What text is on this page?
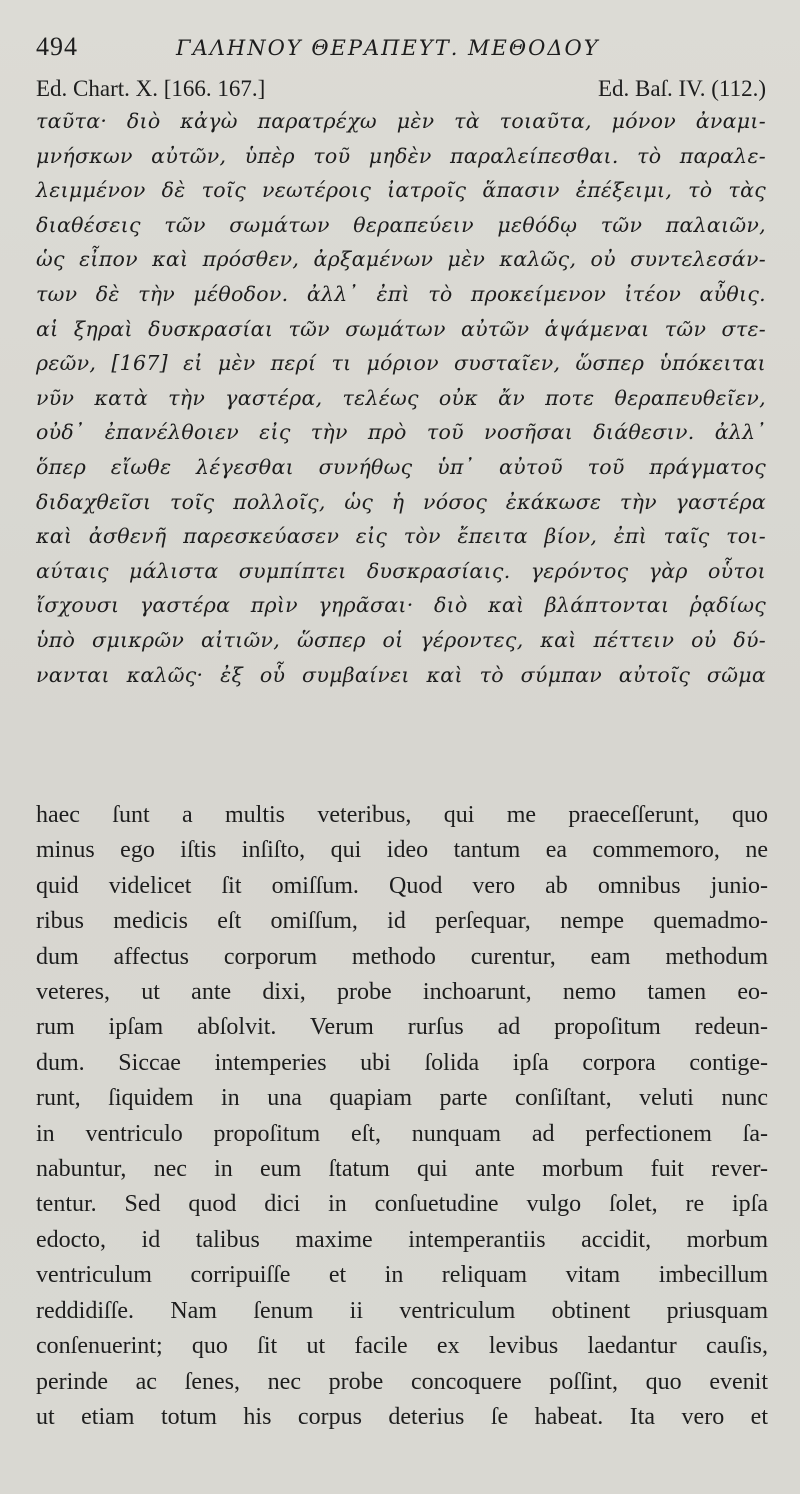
494	ΓΑΛΗΝΟΥ ΘΕΡΑΠΕΥΤ. ΜΕΘΟΔΟΥ
Ed. Chart. X. [166. 167.]	Ed. Baſ. IV. (112.)
ταῦτα· διὸ κἀγὼ παρατρέχω μὲν τὰ τοιαῦτα, μόνον ἀναμι-
μνήσκων αὐτῶν, ὑπὲρ τοῦ μηδὲν παραλείπεσθαι. τὸ παραλε-
λειμμένον δὲ τοῖς νεωτέροις ἰατροῖς ἅπασιν ἐπέξειμι, τὸ τὰς
διαθέσεις τῶν σωμάτων θεραπεύειν μεθόδῳ τῶν παλαιῶν,
ὡς εἶπον καὶ πρόσθεν, ἀρξαμένων μὲν καλῶς, οὐ συντελεσάν-
των δὲ τὴν μέθοδον. ἀλλ᾽ ἐπὶ τὸ προκείμενον ἰτέον αὖθις.
αἱ ξηραὶ δυσκρασίαι τῶν σωμάτων αὐτῶν ἁψάμεναι τῶν στε-
ρεῶν, [167] εἰ μὲν περί τι μόριον συσταῖεν, ὥσπερ ὑπόκειται
νῦν κατὰ τὴν γαστέρα, τελέως οὐκ ἄν ποτε θεραπευθεῖεν,
οὐδ᾽ ἐπανέλθοιεν εἰς τὴν πρὸ τοῦ νοσῆσαι διάθεσιν. ἀλλ᾽
ὅπερ εἴωθε λέγεσθαι συνήθως ὑπ᾽ αὐτοῦ τοῦ πράγματος
διδαχθεῖσι τοῖς πολλοῖς, ὡς ἡ νόσος ἐκάκωσε τὴν γαστέρα
καὶ ἀσθενῆ παρεσκεύασεν εἰς τὸν ἔπειτα βίον, ἐπὶ ταῖς τοι-
αύταις μάλιστα συμπίπτει δυσκρασίαις. γερόντος γὰρ οὗτοι
ἴσχουσι γαστέρα πρὶν γηρᾶσαι· διὸ καὶ βλάπτονται ῥᾳδίως
ὑπὸ σμικρῶν αἰτιῶν, ὥσπερ οἱ γέροντες, καὶ πέττειν οὐ δύ-
νανται καλῶς· ἐξ οὗ συμβαίνει καὶ τὸ σύμπαν αὐτοῖς σῶμα
haec ſunt a multis veteribus, qui me praeceſſerunt, quo
minus ego iſtis inſiſto, qui ideo tantum ea commemoro, ne
quid videlicet ſit omiſſum. Quod vero ab omnibus junio-
ribus medicis eſt omiſſum, id perſequar, nempe quemadmo-
dum affectus corporum methodo curentur, eam methodum
veteres, ut ante dixi, probe inchoarunt, nemo tamen eo-
rum ipſam abſolvit. Verum rurſus ad propoſitum redeun-
dum. Siccae intemperies ubi ſolida ipſa corpora contige-
runt, ſiquidem in una quapiam parte conſiſtant, veluti nunc
in ventriculo propoſitum eſt, nunquam ad perfectionem ſa-
nabuntur, nec in eum ſtatum qui ante morbum fuit rever-
tentur. Sed quod dici in conſuetudine vulgo ſolet, re ipſa
edocto, id talibus maxime intemperantiis accidit, morbum
ventriculum corripuiſſe et in reliquam vitam imbecillum
reddidiſſe. Nam ſenum ii ventriculum obtinent priusquam
conſenuerint; quo ſit ut facile ex levibus laedantur cauſis,
perinde ac ſenes, nec probe concoquere poſſint, quo evenit
ut etiam totum his corpus deterius ſe habeat. Ita vero et
